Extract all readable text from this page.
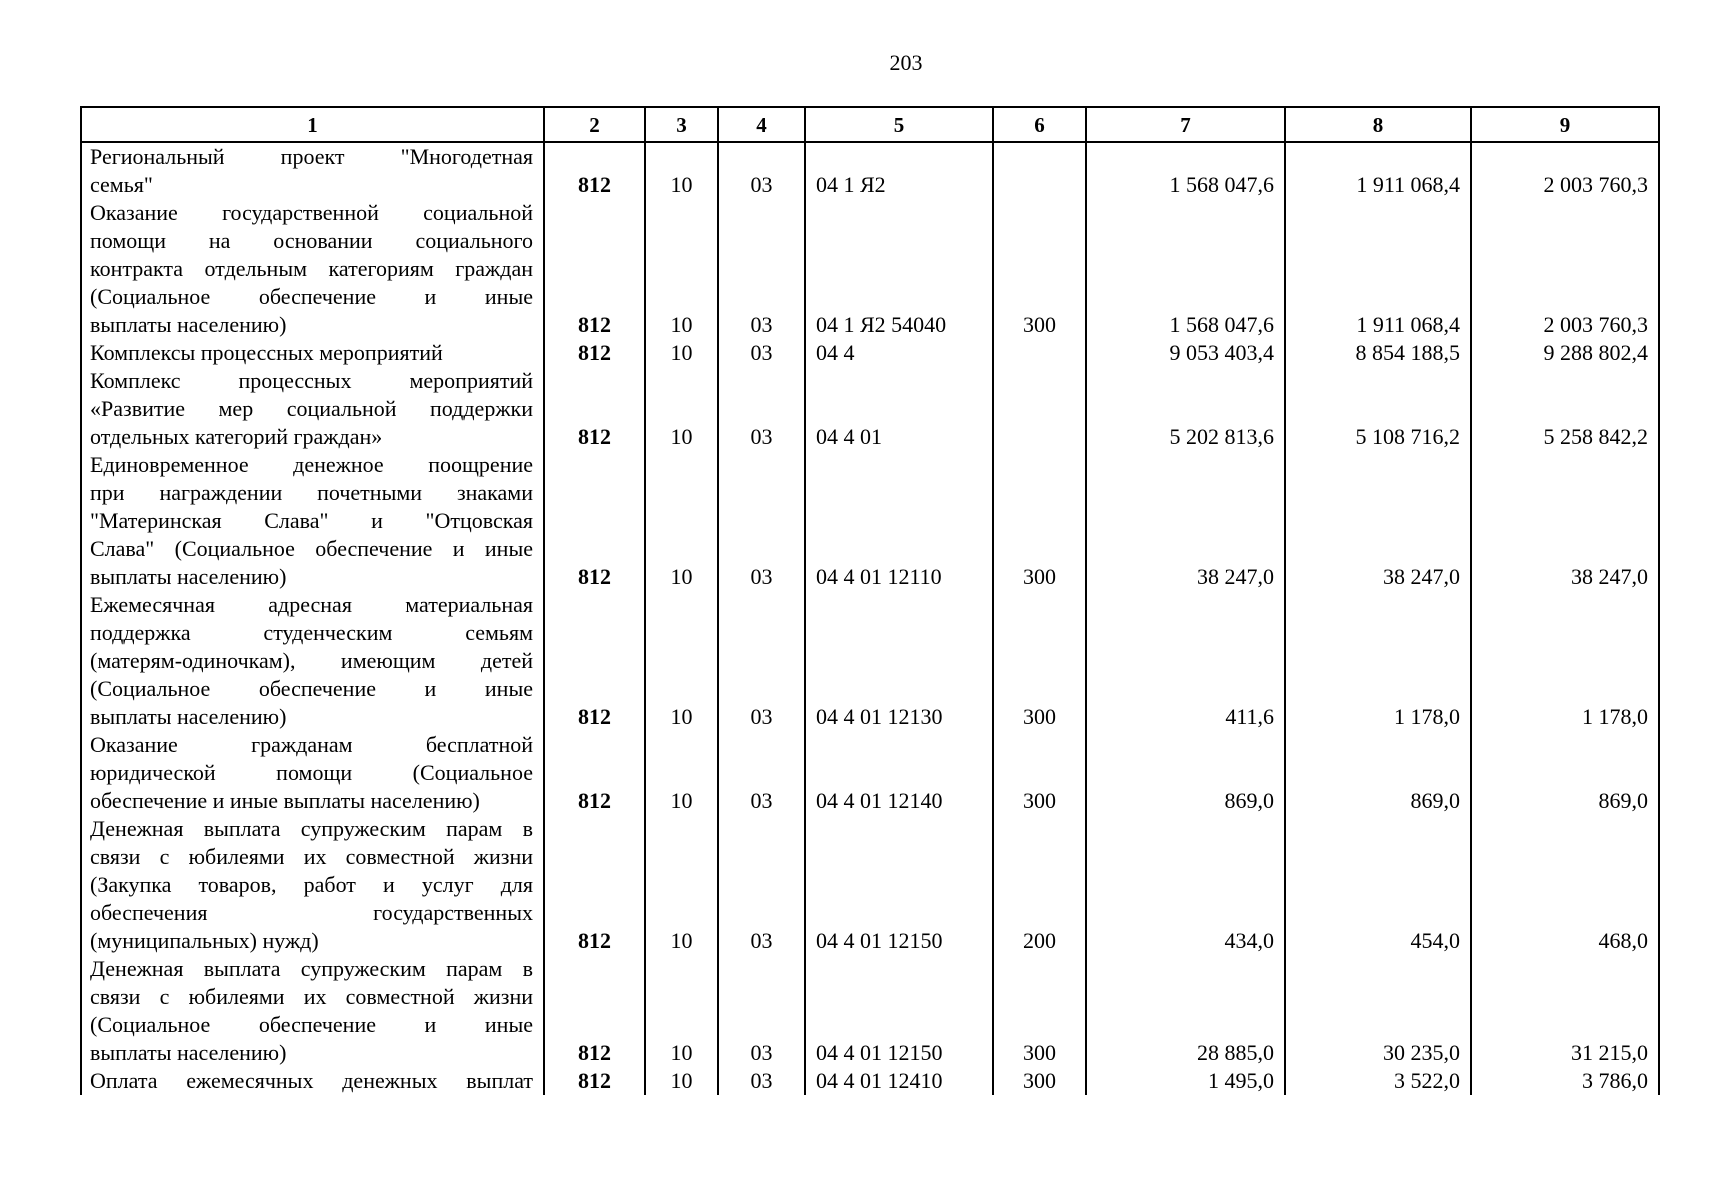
203
1	2	3	4	5	6	7	8	9

Региональный проект "Многодетная
семья"	812	10	03	04 1 Я2		1 568 047,6	1 911 068,4	2 003 760,3

Оказание государственной социальной
помощи на основании социального
контракта отдельным категориям граждан
(Социальное обеспечение и иные
выплаты населению)	812	10	03	04 1 Я2 54040	300	1 568 047,6	1 911 068,4	2 003 760,3

Комплексы процессных мероприятий	812	10	03	04 4		9 053 403,4	8 854 188,5	9 288 802,4

Комплекс процессных мероприятий
«Развитие мер социальной поддержки
отдельных категорий граждан»	812	10	03	04 4 01		5 202 813,6	5 108 716,2	5 258 842,2

Единовременное денежное поощрение
при награждении почетными знаками
"Материнская Слава" и "Отцовская
Слава" (Социальное обеспечение и иные
выплаты населению)	812	10	03	04 4 01 12110	300	38 247,0	38 247,0	38 247,0

Ежемесячная адресная материальная
поддержка студенческим семьям
(матерям-одиночкам), имеющим детей
(Социальное обеспечение и иные
выплаты населению)	812	10	03	04 4 01 12130	300	411,6	1 178,0	1 178,0

Оказание гражданам бесплатной
юридической помощи (Социальное
обеспечение и иные выплаты населению)	812	10	03	04 4 01 12140	300	869,0	869,0	869,0

Денежная выплата супружеским парам в
связи с юбилеями их совместной жизни
(Закупка товаров, работ и услуг для
обеспечения государственных
(муниципальных) нужд)	812	10	03	04 4 01 12150	200	434,0	454,0	468,0

Денежная выплата супружеским парам в
связи с юбилеями их совместной жизни
(Социальное обеспечение и иные
выплаты населению)	812	10	03	04 4 01 12150	300	28 885,0	30 235,0	31 215,0

Оплата ежемесячных денежных выплат	812	10	03	04 4 01 12410	300	1 495,0	3 522,0	3 786,0
